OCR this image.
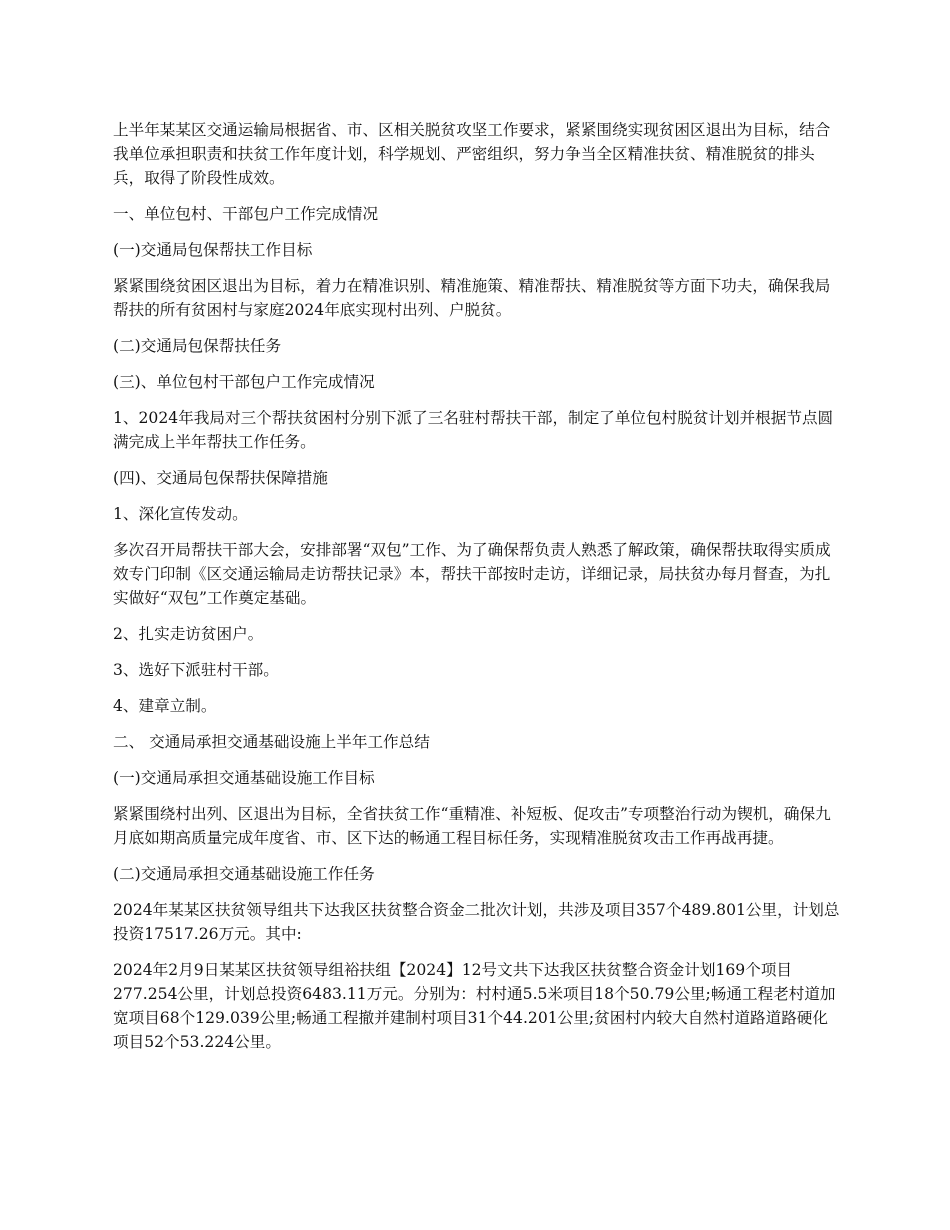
上半年某某区交通运输局根据省、市、区相关脱贫攻坚工作要求，紧紧围绕实现贫困区退出为目标，结合我单位承担职责和扶贫工作年度计划，科学规划、严密组织，努力争当全区精准扶贫、精准脱贫的排头兵，取得了阶段性成效。

一、单位包村、干部包户工作完成情况

(一)交通局包保帮扶工作目标

紧紧围绕贫困区退出为目标，着力在精准识别、精准施策、精准帮扶、精准脱贫等方面下功夫，确保我局帮扶的所有贫困村与家庭2024年底实现村出列、户脱贫。

(二)交通局包保帮扶任务

(三)、单位包村干部包户工作完成情况

1、2024年我局对三个帮扶贫困村分别下派了三名驻村帮扶干部，制定了单位包村脱贫计划并根据节点圆满完成上半年帮扶工作任务。

(四)、交通局包保帮扶保障措施

1、深化宣传发动。

多次召开局帮扶干部大会，安排部署“双包”工作、为了确保帮负责人熟悉了解政策，确保帮扶取得实质成效专门印制《区交通运输局走访帮扶记录》本，帮扶干部按时走访，详细记录，局扶贫办每月督查，为扎实做好“双包”工作奠定基础。

2、扎实走访贫困户。

3、选好下派驻村干部。

4、建章立制。

二、 交通局承担交通基础设施上半年工作总结

(一)交通局承担交通基础设施工作目标

紧紧围绕村出列、区退出为目标，全省扶贫工作“重精准、补短板、促攻击”专项整治行动为锲机，确保九月底如期高质量完成年度省、市、区下达的畅通工程目标任务，实现精准脱贫攻击工作再战再捷。

(二)交通局承担交通基础设施工作任务

2024年某某区扶贫领导组共下达我区扶贫整合资金二批次计划，共涉及项目357个489.801公里，计划总投资17517.26万元。其中:

2024年2月9日某某区扶贫领导组裕扶组【2024】12号文共下达我区扶贫整合资金计划169个项目277.254公里，计划总投资6483.11万元。分别为：村村通5.5米项目18个50.79公里;畅通工程老村道加宽项目68个129.039公里;畅通工程撤并建制村项目31个44.201公里;贫困村内较大自然村道路道路硬化项目52个53.224公里。
